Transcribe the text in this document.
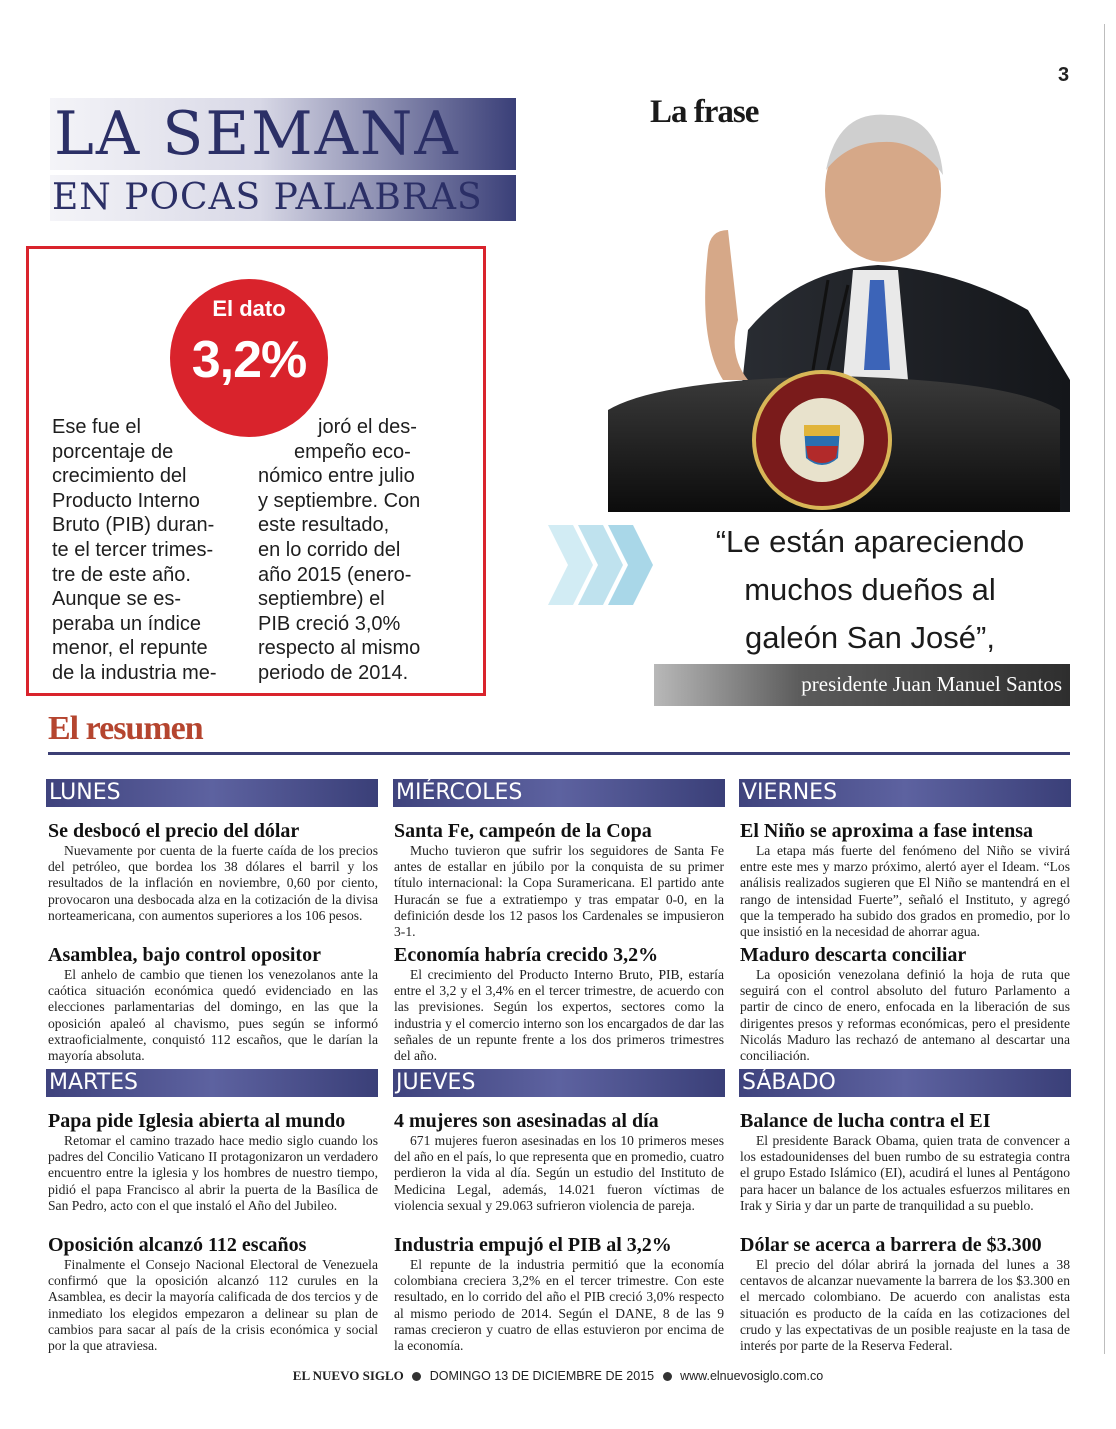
3
LA SEMANA
EN POCAS PALABRAS
El dato
3,2%
Ese fue el
porcentaje de
crecimiento del
Producto Interno
Bruto (PIB) duran-
te el tercer trimes-
tre de este año.
Aunque se es-
peraba un índice
menor, el repunte
de la industria me-
joró el des-
empeño eco-
nómico entre julio
y septiembre. Con
este resultado,
en lo corrido del
año 2015 (enero-
septiembre) el
PIB creció 3,0%
respecto al mismo
periodo de 2014.
La frase
“Le están apareciendo
muchos dueños al
galeón San José”,
presidente Juan Manuel Santos
El resumen
LUNES	MIÉRCOLES	VIERNES
Se desbocó el precio del dólar

Nuevamente por cuenta de la fuerte caída de los precios del petróleo, que bordea los 38 dólares el barril y los resultados de la inflación en noviembre, 0,60 por ciento, provocaron una desbocada alza en la cotización de la divisa norteamericana, con aumentos superiores a los 106 pesos.

Asamblea, bajo control opositor

El anhelo de cambio que tienen los venezolanos ante la caótica situación económica quedó evidenciado en las elecciones parlamentarias del domingo, en las que la oposición apaleó al chavismo, pues según se informó extraoficialmente, conquistó 112 escaños, que le darían la mayoría absoluta.

Santa Fe, campeón de la Copa

Mucho tuvieron que sufrir los seguidores de Santa Fe antes de estallar en júbilo por la conquista de su primer título internacional: la Copa Suramericana. El partido ante Huracán se fue a extratiempo y tras empatar 0-0, en la definición desde los 12 pasos los Cardenales se impusieron 3-1.

Economía habría crecido 3,2%

El crecimiento del Producto Interno Bruto, PIB, estaría entre el 3,2 y el 3,4% en el tercer trimestre, de acuerdo con las previsiones. Según los expertos, sectores como la industria y el comercio interno son los encargados de dar las señales de un repunte frente a los dos primeros trimestres del año.

El Niño se aproxima a fase intensa

La etapa más fuerte del fenómeno del Niño se vivirá entre este mes y marzo próximo, alertó ayer el Ideam. “Los análisis realizados sugieren que El Niño se mantendrá en el rango de intensidad Fuerte”, señaló el Instituto, y agregó que la temperado ha subido dos grados en promedio, por lo que insistió en la necesidad de ahorrar agua.

Maduro descarta conciliar

La oposición venezolana definió la hoja de ruta que seguirá con el control absoluto del futuro Parlamento a partir de cinco de enero, enfocada en la liberación de sus dirigentes presos y reformas económicas, pero el presidente Nicolás Maduro las rechazó de antemano al descartar una conciliación.

MARTES	JUEVES	SÁBADO
Papa pide Iglesia abierta al mundo

Retomar el camino trazado hace medio siglo cuando los padres del Concilio Vaticano II protagonizaron un verdadero encuentro entre la iglesia y los hombres de nuestro tiempo, pidió el papa Francisco al abrir la puerta de la Basílica de San Pedro, acto con el que instaló el Año del Jubileo.

Oposición alcanzó 112 escaños

Finalmente el Consejo Nacional Electoral de Venezuela confirmó que la oposición alcanzó 112 curules en la Asamblea, es decir la mayoría calificada de dos tercios y de inmediato los elegidos empezaron a delinear su plan de cambios para sacar al país de la crisis económica y social por la que atraviesa.

4 mujeres son asesinadas al día

671 mujeres fueron asesinadas en los 10 primeros meses del año en el país, lo que representa que en promedio, cuatro perdieron la vida al día. Según un estudio del Instituto de Medicina Legal, además, 14.021 fueron víctimas de violencia sexual y 29.063 sufrieron violencia de pareja.

Industria empujó el PIB al 3,2%

El repunte de la industria permitió que la economía colombiana creciera 3,2% en el tercer trimestre. Con este resultado, en lo corrido del año el PIB creció 3,0% respecto al mismo periodo de 2014. Según el DANE, 8 de las 9 ramas crecieron y cuatro de ellas estuvieron por encima de la economía.

Balance de lucha contra el EI

El presidente Barack Obama, quien trata de convencer a los estadounidenses del buen rumbo de su estrategia contra el grupo Estado Islámico (EI), acudirá el lunes al Pentágono para hacer un balance de los actuales esfuerzos militares en Irak y Siria y dar un parte de tranquilidad a su pueblo.

Dólar se acerca a barrera de $3.300

El precio del dólar abrirá la jornada del lunes a 38 centavos de alcanzar nuevamente la barrera de los $3.300 en el mercado colombiano. De acuerdo con analistas esta situación es producto de la caída en las cotizaciones del crudo y las expectativas de un posible reajuste en la tasa de interés por parte de la Reserva Federal.

EL NUEVO SIGLO DOMINGO 13 DE DICIEMBRE DE 2015 www.elnuevosiglo.com.co
